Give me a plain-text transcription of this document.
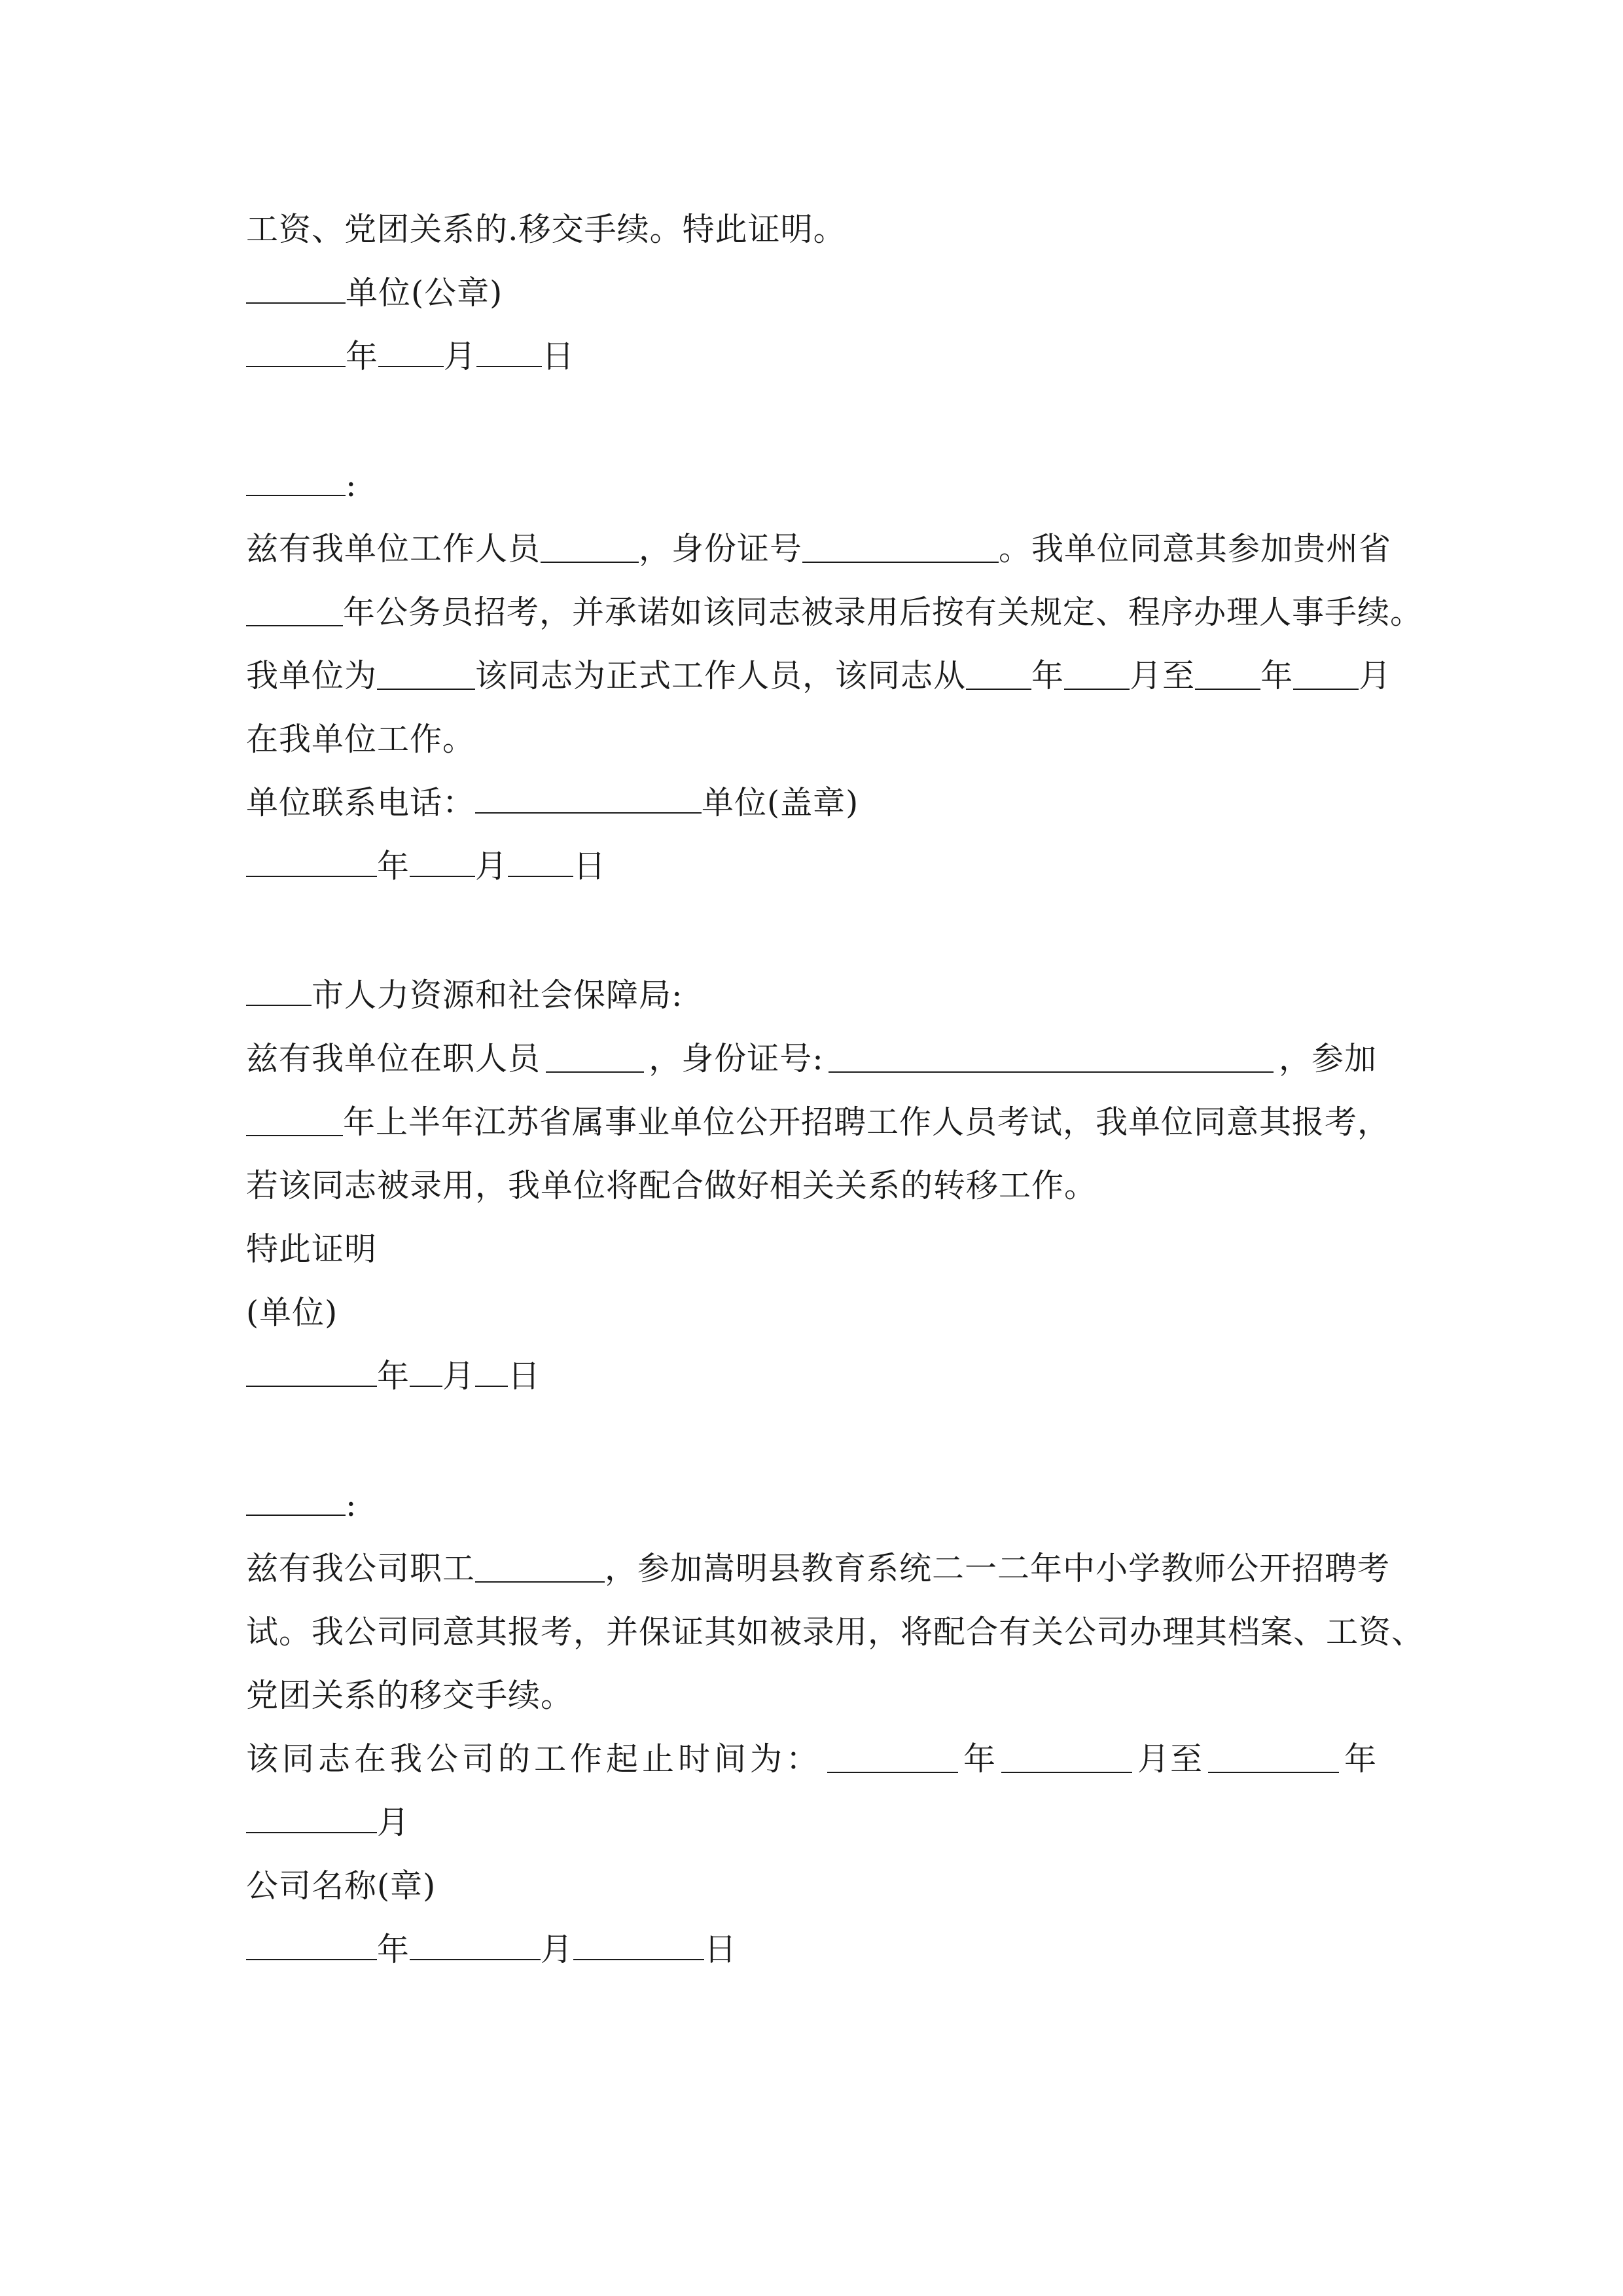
工资、党团关系的.移交手续。特此证明。
单位(公章)
年 月 日
:
兹有我单位工作人员	，身份证号	。我单位同意其参加贵州省
年公务员招考，并承诺如该同志被录用后按有关规定、程序办理人事手续。
我单位为	该同志为正式工作人员，该同志从 年 月至 年 月
在我单位工作。
单位联系电话：	单位(盖章)
年 月 日
市人力资源和社会保障局:
兹有我单位在职人员	，身份证号:	，参加
年上半年江苏省属事业单位公开招聘工作人员考试，我单位同意其报考，
若该同志被录用，我单位将配合做好相关关系的转移工作。
特此证明
(单位)
年 月 日
:
兹有我公司职工	，参加嵩明县教育系统二一二年中小学教师公开招聘考
试。我公司同意其报考，并保证其如被录用，将配合有关公司办理其档案、工资、
党团关系的移交手续。
该同志在我公司的工作起止时间为：	年	月至	年
月
公司名称(章)
年	月	日
